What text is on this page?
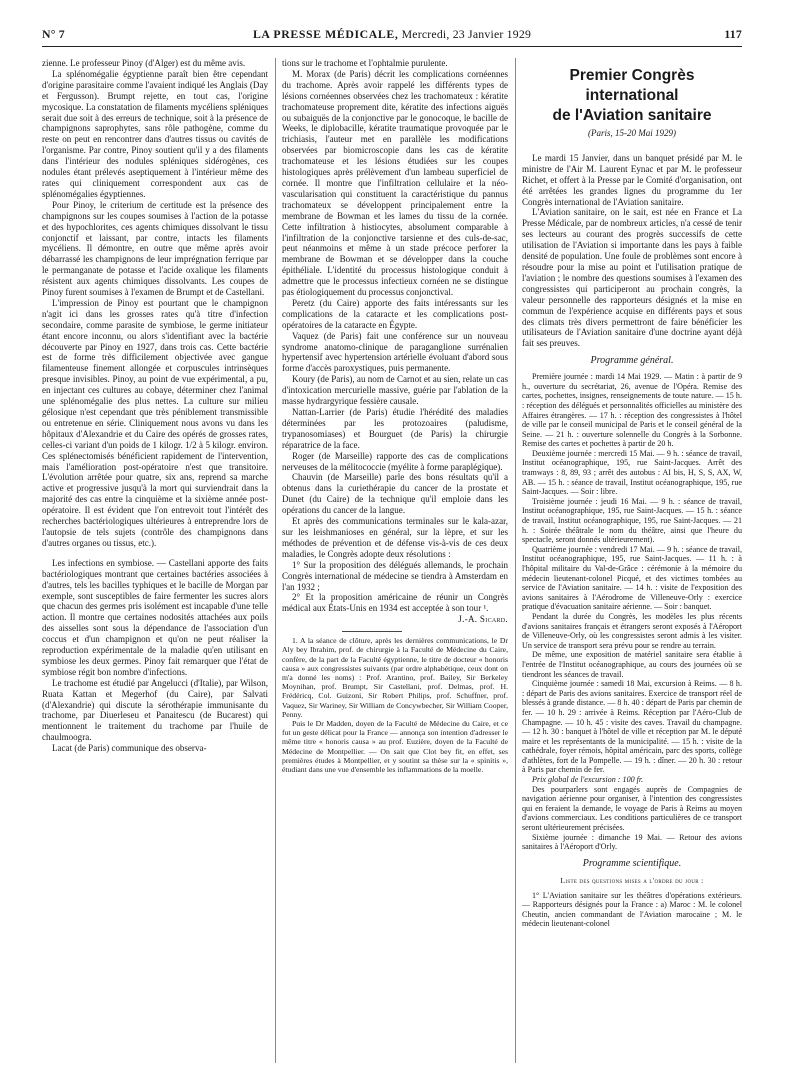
N° 7	LA PRESSE MÉDICALE, Mercredi, 23 Janvier 1929	117

zienne. Le professeur Pinoy (d'Alger) est du même avis.

La splénomégalie égyptienne paraît bien être cependant d'origine parasitaire comme l'avaient indiqué les Anglais (Day et Fergusson). Brumpt rejette, en tout cas, l'origine mycosique. La constatation de filaments mycéliens spléniques serait due soit à des erreurs de technique, soit à la présence de champignons saprophytes, sans rôle pathogène, comme du reste on peut en rencontrer dans d'autres tissus ou cavités de l'organisme. Par contre, Pinoy soutient qu'il y a des filaments dans l'intérieur des nodules spléniques sidérogènes, ces nodules étant prélevés aseptiquement à l'intérieur même des rates qui cliniquement correspondent aux cas de splénomégalies égyptiennes.

Pour Pinoy, le criterium de certitude est la présence des champignons sur les coupes soumises à l'action de la potasse et des hypochlorites, ces agents chimiques dissolvant le tissu conjonctif et laissant, par contre, intacts les filaments mycéliens. Il démontre, en outre que même après avoir débarrassé les champignons de leur imprégnation ferrique par le permanganate de potasse et l'acide oxalique les filaments résistent aux agents chimiques dissolvants. Les coupes de Pinoy furent soumises à l'examen de Brumpt et de Castellani.

L'impression de Pinoy est pourtant que le champignon n'agit ici dans les grosses rates qu'à titre d'infection secondaire, comme parasite de symbiose, le germe initiateur étant encore inconnu, ou alors s'identifiant avec la bactérie découverte par Pinoy en 1927, dans trois cas. Cette bactérie est de forme très difficilement objectivée avec gangue filamenteuse finement allongée et corpuscules intrinsèques presque invisibles. Pinoy, au point de vue expérimental, a pu, en injectant ces cultures au cobaye, déterminer chez l'animal une splénomégalie des plus nettes. La culture sur milieu gélosique n'est cependant que très péniblement transmissible ou entretenue en série. Cliniquement nous avons vu dans les hôpitaux d'Alexandrie et du Caire des opérés de grosses rates, celles-ci variant d'un poids de 1 kilogr. 1/2 à 5 kilogr. environ. Ces splénectomisés bénéficient rapidement de l'intervention, mais l'amélioration post-opératoire n'est que transitoire. L'évolution arrêtée pour quatre, six ans, reprend sa marche active et progressive jusqu'à la mort qui surviendrait dans la majorité des cas entre la cinquième et la sixième année post-opératoire. Il est évident que l'on entrevoit tout l'intérêt des recherches bactériologiques ultérieures à entreprendre lors de l'autopsie de tels sujets (contrôle des champignons dans d'autres organes ou tissus, etc.).

Les infections en symbiose. — Castellani apporte des faits bactériologiques montrant que certaines bactéries associées à d'autres, tels les bacilles typhiques et le bacille de Morgan par exemple, sont susceptibles de faire fermenter les sucres alors que chacun des germes pris isolément est incapable d'une telle action. Il montre que certaines nodosités attachées aux poils des aisselles sont sous la dépendance de l'association d'un coccus et d'un champignon et qu'on ne peut réaliser la reproduction expérimentale de la maladie qu'en utilisant en symbiose les deux germes. Pinoy fait remarquer que l'état de symbiose régit bon nombre d'infections.

Le trachome est étudié par Angelucci (d'Italie), par Wilson, Ruata Kattan et Megerhof (du Caire), par Salvati (d'Alexandrie) qui discute la sérothérapie immunisante du trachome, par Diuerleseu et Panaitescu (de Bucarest) qui mentionnent le traitement du trachome par l'huile de chaulmoogra.

Lacat (de Paris) communique des observa-

tions sur le trachome et l'ophtalmie purulente.

M. Morax (de Paris) décrit les complications cornéennes du trachome. Après avoir rappelé les différents types de lésions cornéennes observées chez les trachomateux : kératite trachomateuse proprement dite, kératite des infections aiguës ou subaiguës de la conjonctive par le gonocoque, le bacille de Weeks, le diplobacille, kératite traumatique provoquée par le trichiasis, l'auteur met en parallèle les modifications observées par biomicroscopie dans les cas de kératite trachomateuse et les lésions étudiées sur les coupes histologiques après prélèvement d'un lambeau superficiel de cornée. Il montre que l'infiltration cellulaire et la néo-vascularisation qui constituent la caractéristique du pannus trachomateux se développent principalement entre la membrane de Bowman et les lames du tissu de la cornée. Cette infiltration à histiocytes, absolument comparable à l'infiltration de la conjonctive tarsienne et des culs-de-sac, peut néanmoins et même à un stade précoce perforer la membrane de Bowman et se développer dans la couche épithéliale. L'identité du processus histologique conduit à admettre que le processus infectieux cornéen ne se distingue pas étiologiquement du processus conjonctival.

Peretz (du Caire) apporte des faits intéressants sur les complications de la cataracte et les complications post-opératoires de la cataracte en Égypte.

Vaquez (de Paris) fait une conférence sur un nouveau syndrome anatomo-clinique de paraganglione surrénalien hypertensif avec hypertension artérielle évoluant d'abord sous forme d'accès paroxystiques, puis permanente.

Koury (de Paris), au nom de Carnot et au sien, relate un cas d'intoxication mercurielle massive, guérie par l'ablation de la masse hydrargyrique fessière causale.

Nattan-Larrier (de Paris) étudie l'hérédité des maladies déterminées par les protozoaires (paludisme, trypanosomiases) et Bourguet (de Paris) la chirurgie réparatrice de la face.

Roger (de Marseille) rapporte des cas de complications nerveuses de la mélitococcie (myélite à forme paraplégique).

Chauvin (de Marseille) parle des bons résultats qu'il a obtenus dans la curiethérapie du cancer de la prostate et Dunet (du Caire) de la technique qu'il emploie dans les opérations du cancer de la langue.

Et après des communications terminales sur le kala-azar, sur les leishmanioses en général, sur la lèpre, et sur les méthodes de prévention et de défense vis-à-vis de ces deux maladies, le Congrès adopte deux résolutions :

1° Sur la proposition des délégués allemands, le prochain Congrès international de médecine se tiendra à Amsterdam en l'an 1932 ;

2° Et la proposition américaine de réunir un Congrès médical aux États-Unis en 1934 est acceptée à son tour ¹.

J.-A. Sicard.

1. A la séance de clôture, après les dernières communications, le Dr Aly bey Ibrahim, prof. de chirurgie à la Faculté de Médecine du Caire, confère, de la part de la Faculté égyptienne, le titre de docteur « honoris causa » aux congressistes suivants (par ordre alphabétique, ceux dont on m'a donné les noms) : Prof. Arantino, prof. Bailey, Sir Berkeley Moynihan, prof. Brumpt, Sir Castellani, prof. Delmas, prof. H. Frédéricq, Col. Guizoni, Sir Robert Philips, prof. Schuffner, prof. Vaquez, Sir Wariney, Sir William de Concywbecher, Sir William Cooper, Penny.

Puis le Dr Madden, doyen de la Faculté de Médecine du Caire, et ce fut un geste délicat pour la France — annonça son intention d'adresser le même titre « honoris causa » au prof. Euzière, doyen de la Faculté de Médecine de Montpellier. — On sait que Clot bey fit, en effet, ses premières études à Montpellier, et y soutint sa thèse sur la « spinitis », étudiant dans une vue d'ensemble les inflammations de la moelle.

Premier Congrès international
de l'Aviation sanitaire
(Paris, 15-20 Mai 1929)

Le mardi 15 Janvier, dans un banquet présidé par M. le ministre de l'Air M. Laurent Eynac et par M. le professeur Richet, et offert à la Presse par le Comité d'organisation, ont été arrêtées les grandes lignes du programme du 1er Congrès international de l'Aviation sanitaire.

L'Aviation sanitaire, on le sait, est née en France et La Presse Médicale, par de nombreux articles, n'a cessé de tenir ses lecteurs au courant des progrès successifs de cette utilisation de l'Aviation si importante dans les pays à faible densité de population. Une foule de problèmes sont encore à résoudre pour la mise au point et l'utilisation pratique de l'aviation ; le nombre des questions soumises à l'examen des congressistes qui participeront au prochain congrès, la valeur personnelle des rapporteurs désignés et la mise en commun de l'expérience acquise en différents pays et sous des climats très divers permettront de faire bénéficier les utilisateurs de l'Aviation sanitaire d'une doctrine ayant déjà fait ses preuves.

Programme général.

Première journée : mardi 14 Mai 1929. — Matin : à partir de 9 h., ouverture du secrétariat, 26, avenue de l'Opéra. Remise des cartes, pochettes, insignes, renseignements de toute nature. — 15 h. : réception des délégués et personnalités officielles au ministère des Affaires étrangères. — 17 h. : réception des congressistes à l'hôtel de ville par le conseil municipal de Paris et le conseil général de la Seine. — 21 h. : ouverture solennelle du Congrès à la Sorbonne. Remise des cartes et pochettes à partir de 20 h.

Deuxième journée : mercredi 15 Mai. — 9 h. : séance de travail, Institut océanographique, 195, rue Saint-Jacques. Arrêt des tramways : 8, 89, 93 ; arrêt des autobus : AI bis, H, S, S, AX, W, AB. — 15 h. : séance de travail, Institut océanographique, 195, rue Saint-Jacques. — Soir : libre.

Troisième journée : jeudi 16 Mai. — 9 h. : séance de travail, Institut océanographique, 195, rue Saint-Jacques. — 15 h. : séance de travail, Institut océanographique, 195, rue Saint-Jacques. — 21 h. : Soirée théâtrale le nom du théâtre, ainsi que l'heure du spectacle, seront donnés ultérieurement).

Quatrième journée : vendredi 17 Mai. — 9 h. : séance de travail, Institut océanographique, 195, rue Saint-Jacques. — 11 h. : à l'hôpital militaire du Val-de-Grâce : cérémonie à la mémoire du médecin lieutenant-colonel Picqué, et des victimes tombées au service de l'Aviation sanitaire. — 14 h. : visite de l'exposition des avions sanitaires à l'Aérodrome de Villeneuve-Orly : exercice pratique d'évacuation sanitaire aérienne. — Soir : banquet.

Pendant la durée du Congrès, les modèles les plus récents d'avions sanitaires français et étrangers seront exposés à l'Aéroport de Villeneuve-Orly, où les congressistes seront admis à les visiter. Un service de transport sera prévu pour se rendre au terrain.

De même, une exposition de matériel sanitaire sera établie à l'entrée de l'Institut océanographique, au cours des journées où se tiendront les séances de travail.

Cinquième journée : samedi 18 Mai, excursion à Reims. — 8 h. : départ de Paris des avions sanitaires. Exercice de transport réel de blessés à grande distance. — 8 h. 40 : départ de Paris par chemin de fer. — 10 h. 29 : arrivée à Reims. Réception par l'Aéro-Club de Champagne. — 10 h. 45 : visite des caves. Travail du champagne. — 12 h. 30 : banquet à l'hôtel de ville et réception par M. le député maire et les représentants de la municipalité. — 15 h. : visite de la cathédrale, foyer rémois, hôpital américain, parc des sports, collège d'athlètes, fort de la Pompelle. — 19 h. : dîner. — 20 h. 30 : retour à Paris par chemin de fer.

Prix global de l'excursion : 100 fr.

Des pourparlers sont engagés auprès de Compagnies de navigation aérienne pour organiser, à l'intention des congressistes qui en feraient la demande, le voyage de Paris à Reims au moyen d'avions commerciaux. Les conditions particulières de ce transport seront ultérieurement précisées.

Sixième journée : dimanche 19 Mai. — Retour des avions sanitaires à l'Aéroport d'Orly.

Programme scientifique.
Liste des questions mises a l'ordre du jour :

1° L'Aviation sanitaire sur les théâtres d'opérations extérieurs. — Rapporteurs désignés pour la France : a) Maroc : M. le colonel Cheutin, ancien commandant de l'Aviation marocaine ; M. le médecin lieutenant-colonel
